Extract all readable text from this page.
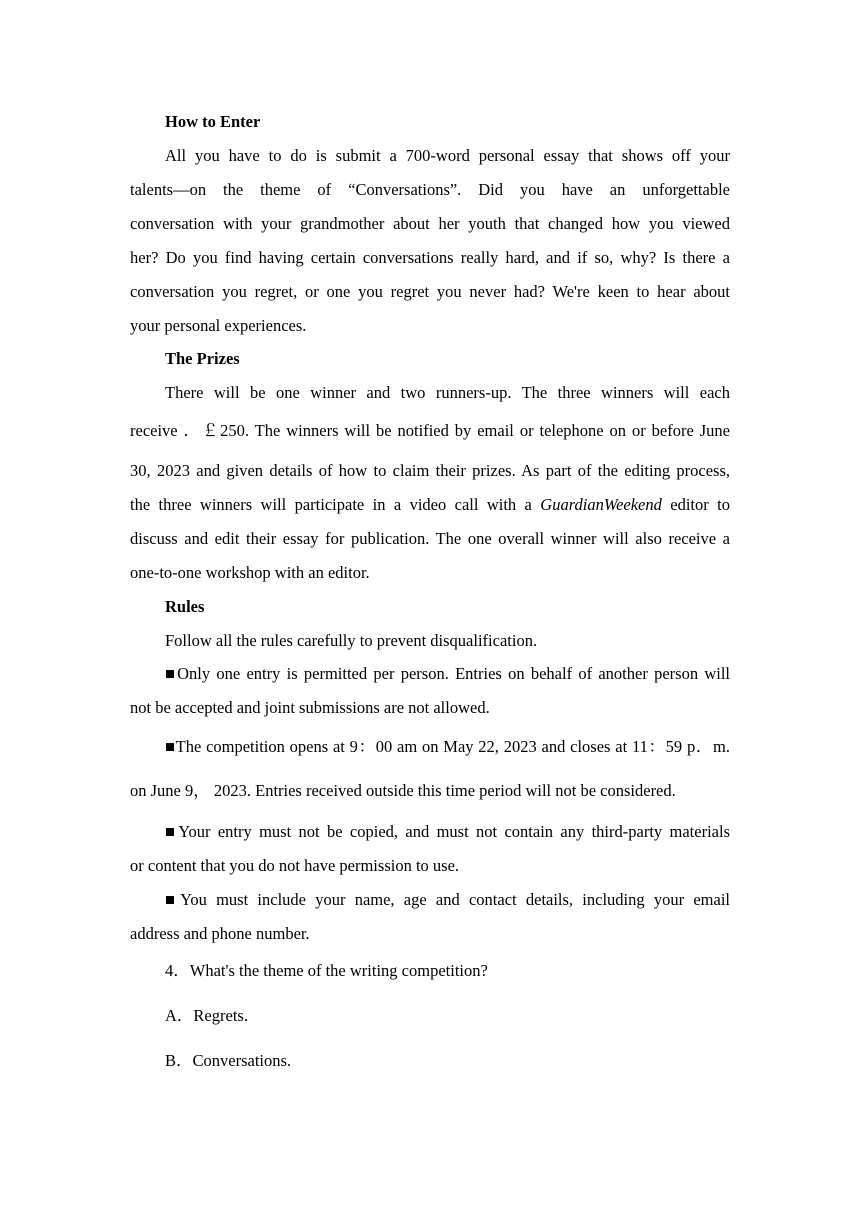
How to Enter
All you have to do is submit a 700-word personal essay that shows off your
talents—on the theme of “Conversations”. Did you have an unforgettable
conversation with your grandmother about her youth that changed how you viewed
her? Do you find having certain conversations really hard, and if so, why? Is there a
conversation you regret, or one you regret you never had? We're keen to hear about
your personal experiences.
The Prizes
There will be one winner and two runners-up. The three winners will each
receive ．￡250. The winners will be notified by email or telephone on or before June
30, 2023 and given details of how to claim their prizes. As part of the editing process,
the three winners will participate in a video call with a GuardianWeekend editor to
discuss and edit their essay for publication. The one overall winner will also receive a
one-to-one workshop with an editor.
Rules
Follow all the rules carefully to prevent disqualification.
■Only one entry is permitted per person. Entries on behalf of another person will
not be accepted and joint submissions are not allowed.
■The competition opens at 9：00 am on May 22, 2023 and closes at 11：59 p．m.
on June 9， 2023. Entries received outside this time period will not be considered.
■Your entry must not be copied, and must not contain any third-party materials
or content that you do not have permission to use.
■You must include your name, age and contact details, including your email
address and phone number.
4．What's the theme of the writing competition?
A．Regrets.
B．Conversations.
